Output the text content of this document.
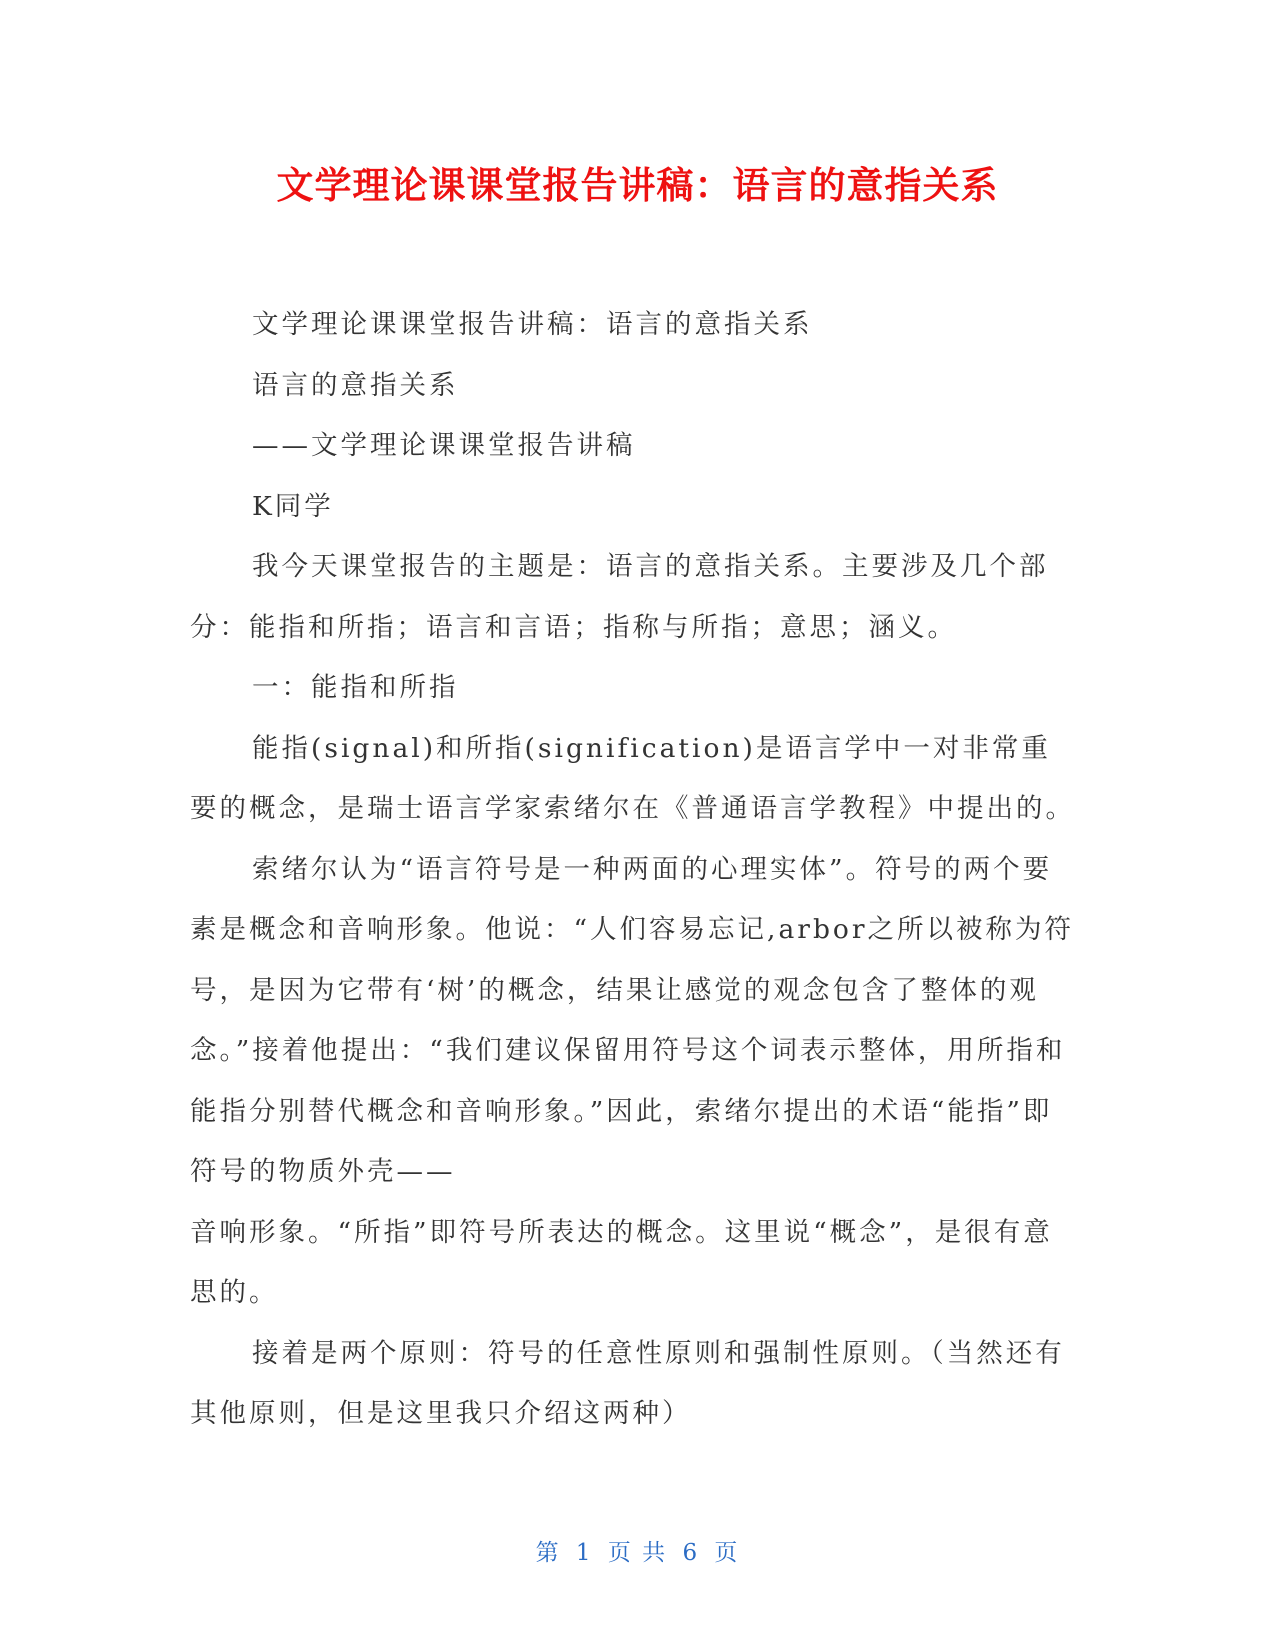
文学理论课课堂报告讲稿：语言的意指关系

文学理论课课堂报告讲稿：语言的意指关系

语言的意指关系

——文学理论课课堂报告讲稿

K同学

我今天课堂报告的主题是：语言的意指关系。主要涉及几个部分：能指和所指；语言和言语；指称与所指；意思；涵义。

一：能指和所指

能指(signal)和所指(signification)是语言学中一对非常重要的概念，是瑞士语言学家索绪尔在《普通语言学教程》中提出的。

索绪尔认为“语言符号是一种两面的心理实体”。符号的两个要素是概念和音响形象。他说：“人们容易忘记,arbor之所以被称为符号，是因为它带有‘树’的概念，结果让感觉的观念包含了整体的观念。”接着他提出：“我们建议保留用符号这个词表示整体，用所指和能指分别替代概念和音响形象。”因此，索绪尔提出的术语“能指”即符号的物质外壳——

音响形象。“所指”即符号所表达的概念。这里说“概念”，是很有意思的。

接着是两个原则：符号的任意性原则和强制性原则。（当然还有其他原则，但是这里我只介绍这两种）

第 1 页 共 6 页
